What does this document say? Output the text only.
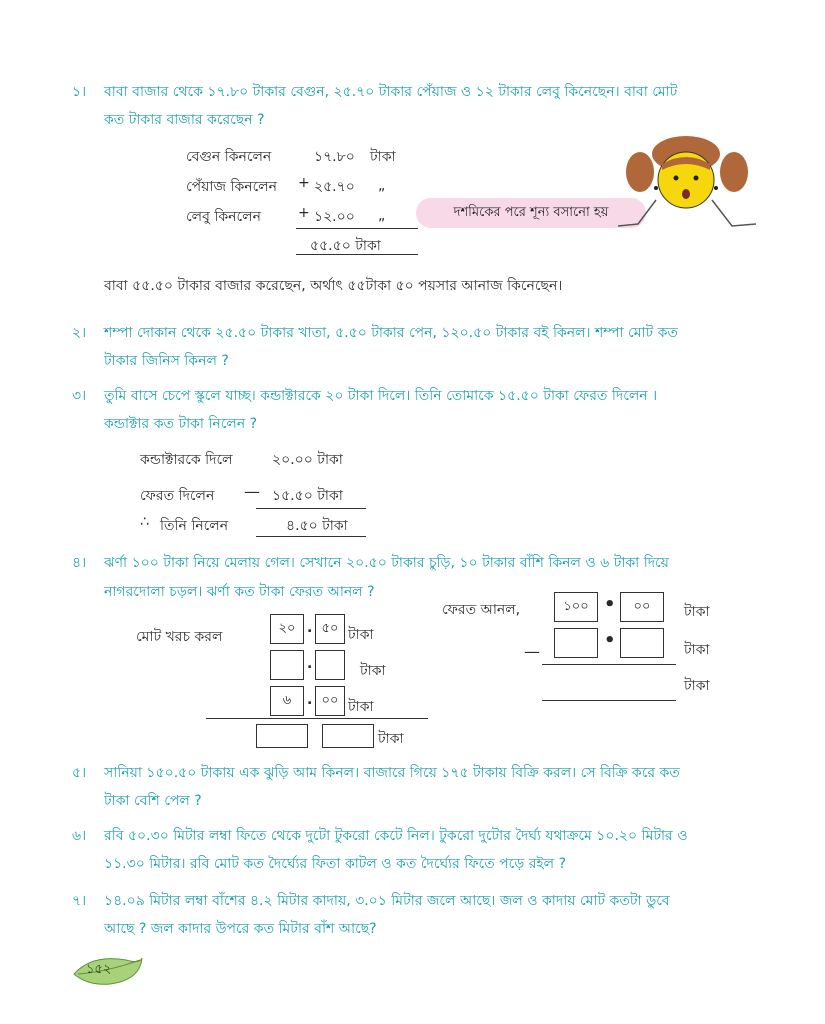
১। বাবা বাজার থেকে ১৭.৮০ টাকার বেগুন, ২৫.৭০ টাকার পেঁয়াজ ও ১২ টাকার লেবু কিনেছেন। বাবা মোট
কত টাকার বাজার করেছেন ?
বেগুন কিনলেন	১৭.৮০ টাকা
পেঁয়াজ কিনলেন + ২৫.৭০ „
লেবু কিনলেন	+ ১২.০০ „
৫৫.৫০ টাকা
দশমিকের পরে শূন্য বসানো হয়
বাবা ৫৫.৫০ টাকার বাজার করেছেন, অর্থাৎ ৫৫টাকা ৫০ পয়সার আনাজ কিনেছেন।
২। শম্পা দোকান থেকে ২৫.৫০ টাকার খাতা, ৫.৫০ টাকার পেন, ১২০.৫০ টাকার বই কিনল। শম্পা মোট কত
টাকার জিনিস কিনল ?
৩। তুমি বাসে চেপে স্কুলে যাচ্ছ। কন্ডাক্টারকে ২০ টাকা দিলে। তিনি তোমাকে ১৫.৫০ টাকা ফেরত দিলেন ।
কন্ডাক্টার কত টাকা নিলেন ?
কন্ডাক্টারকে দিলে	২০.০০ টাকা
ফেরত দিলেন — ১৫.৫০ টাকা
∴ তিনি নিলেন	৪.৫০ টাকা
৪। ঝর্ণা ১০০ টাকা নিয়ে মেলায় গেল। সেখানে ২০.৫০ টাকার চুড়ি, ১০ টাকার বাঁশি কিনল ও ৬ টাকা দিয়ে
নাগরদোলা চড়ল। ঝর্ণা কত টাকা ফেরত আনল ?
মোট খরচ করল
২০ . ৫০ টাকা
.	টাকা
৬ . ০০ টাকা
টাকা
ফেরত আনল,	১০০ • ০০ টাকা
—
•	টাকা
টাকা
৫। সানিয়া ১৫০.৫০ টাকায় এক ঝুড়ি আম কিনল। বাজারে গিয়ে ১৭৫ টাকায় বিক্রি করল। সে বিক্রি করে কত
টাকা বেশি পেল ?
৬। রবি ৫০.৩০ মিটার লম্বা ফিতে থেকে দুটো টুকরো কেটে নিল। টুকরো দুটোর দৈর্ঘ্য যথাক্রমে ১০.২০ মিটার ও
১১.৩০ মিটার। রবি মোট কত দৈর্ঘ্যের ফিতা কাটল ও কত দৈর্ঘ্যের ফিতে পড়ে রইল ?
৭। ১৪.০৯ মিটার লম্বা বাঁশের ৪.২ মিটার কাদায়, ৩.০১ মিটার জলে আছে। জল ও কাদায় মোট কতটা ডুবে
আছে ? জল কাদার উপরে কত মিটার বাঁশ আছে?
১৫২
